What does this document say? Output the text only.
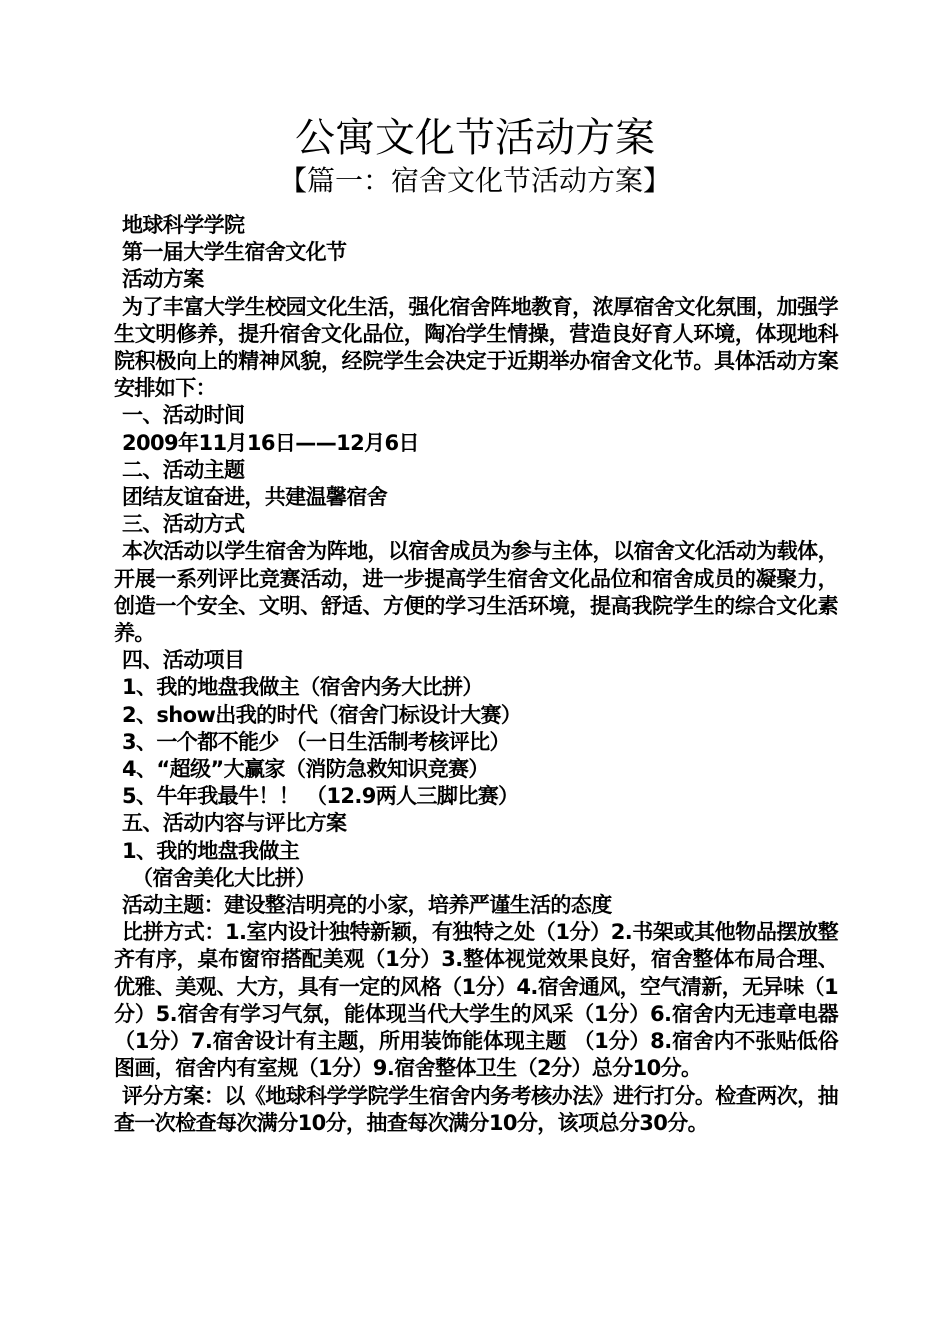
公寓文化节活动方案
【篇一：宿舍文化节活动方案】
地球科学学院
第一届大学生宿舍文化节
活动方案
为了丰富大学生校园文化生活，强化宿舍阵地教育，浓厚宿舍文化氛围，加强学生文明修养，提升宿舍文化品位，陶冶学生情操，营造良好育人环境，体现地科院积极向上的精神风貌，经院学生会决定于近期举办宿舍文化节。具体活动方案安排如下：
一、活动时间
2009年11月16日——12月6日
二、活动主题
团结友谊奋进，共建温馨宿舍
三、活动方式
本次活动以学生宿舍为阵地，以宿舍成员为参与主体，以宿舍文化活动为载体，开展一系列评比竞赛活动，进一步提高学生宿舍文化品位和宿舍成员的凝聚力，创造一个安全、文明、舒适、方便的学习生活环境，提高我院学生的综合文化素养。
四、活动项目
1、我的地盘我做主（宿舍内务大比拼）
2、show出我的时代（宿舍门标设计大赛）
3、一个都不能少 （一日生活制考核评比）
4、“超级”大赢家（消防急救知识竞赛）
5、牛年我最牛！！ （12.9两人三脚比赛）
五、活动内容与评比方案
1、我的地盘我做主
（宿舍美化大比拼）
活动主题：建设整洁明亮的小家，培养严谨生活的态度
比拼方式：1.室内设计独特新颖，有独特之处（1分）2.书架或其他物品摆放整齐有序，桌布窗帘搭配美观（1分）3.整体视觉效果良好，宿舍整体布局合理、优雅、美观、大方，具有一定的风格（1分）4.宿舍通风，空气清新，无异味（1分）5.宿舍有学习气氛，能体现当代大学生的风采（1分）6.宿舍内无违章电器（1分）7.宿舍设计有主题，所用装饰能体现主题 （1分）8.宿舍内不张贴低俗图画，宿舍内有室规（1分）9.宿舍整体卫生（2分）总分10分。
评分方案：以《地球科学学院学生宿舍内务考核办法》进行打分。检查两次，抽查一次检查每次满分10分，抽查每次满分10分，该项总分30分。
